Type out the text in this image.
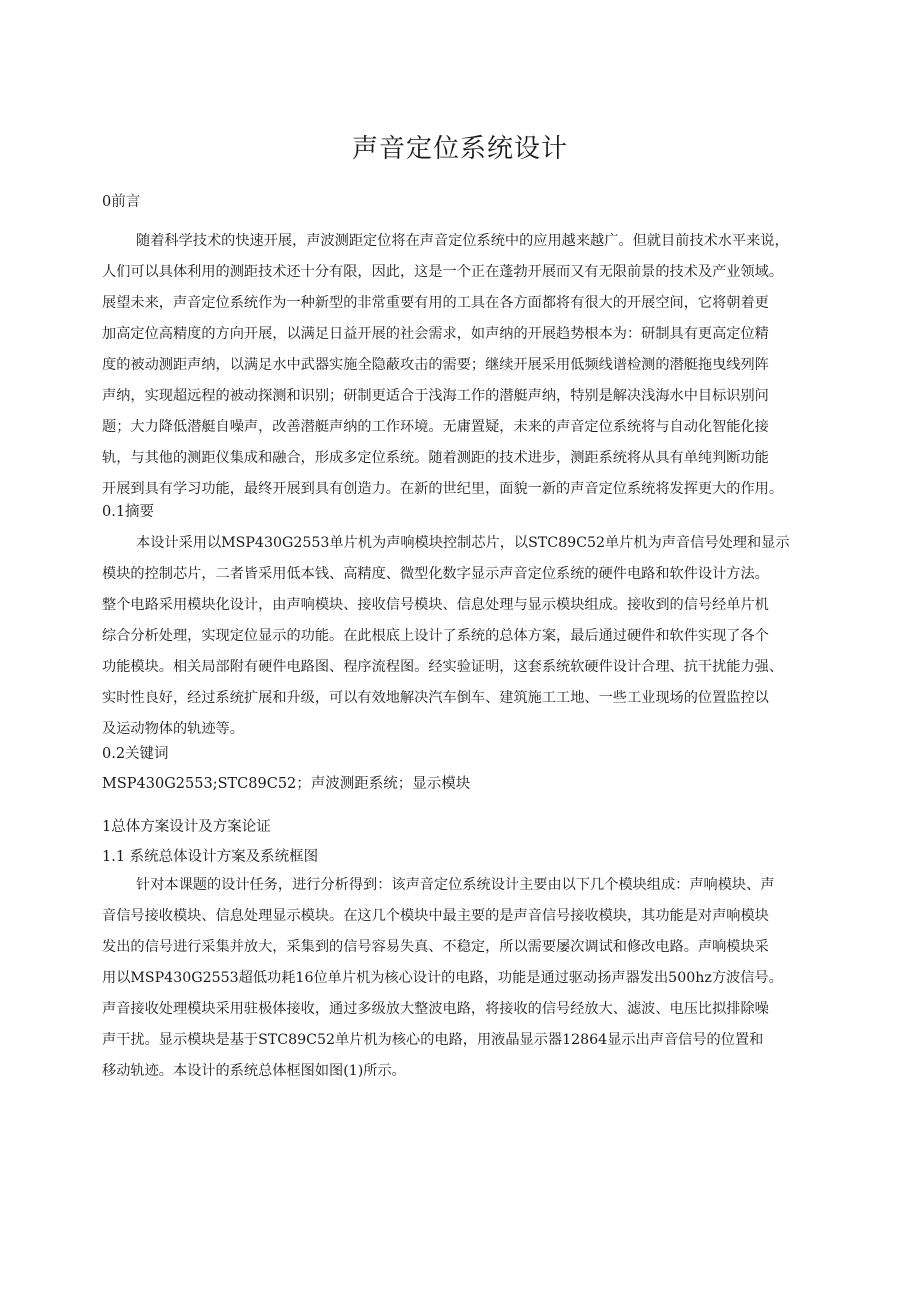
声音定位系统设计

0前言

随着科学技术的快速开展，声波测距定位将在声音定位系统中的应用越来越广。但就目前技术水平来说，
人们可以具体利用的测距技术还十分有限，因此，这是一个正在蓬勃开展而又有无限前景的技术及产业领域。
展望未来，声音定位系统作为一种新型的非常重要有用的工具在各方面都将有很大的开展空间，它将朝着更
加高定位高精度的方向开展，以满足日益开展的社会需求，如声纳的开展趋势根本为：研制具有更高定位精
度的被动测距声纳，以满足水中武器实施全隐蔽攻击的需要；继续开展采用低频线谱检测的潜艇拖曳线列阵
声纳，实现超远程的被动探测和识别；研制更适合于浅海工作的潜艇声纳，特别是解决浅海水中目标识别问
题；大力降低潜艇自噪声，改善潜艇声纳的工作环境。无庸置疑，未来的声音定位系统将与自动化智能化接
轨，与其他的测距仪集成和融合，形成多定位系统。随着测距的技术进步，测距系统将从具有单纯判断功能
开展到具有学习功能，最终开展到具有创造力。在新的世纪里，面貌一新的声音定位系统将发挥更大的作用。

0.1摘要

本设计采用以MSP430G2553单片机为声响模块控制芯片，以STC89C52单片机为声音信号处理和显示
模块的控制芯片，二者皆采用低本钱、高精度、微型化数字显示声音定位系统的硬件电路和软件设计方法。
整个电路采用模块化设计，由声响模块、接收信号模块、信息处理与显示模块组成。接收到的信号经单片机
综合分析处理，实现定位显示的功能。在此根底上设计了系统的总体方案，最后通过硬件和软件实现了各个
功能模块。相关局部附有硬件电路图、程序流程图。经实验证明，这套系统软硬件设计合理、抗干扰能力强、
实时性良好，经过系统扩展和升级，可以有效地解决汽车倒车、建筑施工工地、一些工业现场的位置监控以
及运动物体的轨迹等。

0.2关键词

MSP430G2553;STC89C52；声波测距系统；显示模块

1总体方案设计及方案论证

1.1 系统总体设计方案及系统框图

针对本课题的设计任务，进行分析得到：该声音定位系统设计主要由以下几个模块组成：声响模块、声
音信号接收模块、信息处理显示模块。在这几个模块中最主要的是声音信号接收模块，其功能是对声响模块
发出的信号进行采集并放大，采集到的信号容易失真、不稳定，所以需要屡次调试和修改电路。声响模块采
用以MSP430G2553超低功耗16位单片机为核心设计的电路，功能是通过驱动扬声器发出500hz方波信号。
声音接收处理模块采用驻极体接收，通过多级放大整波电路，将接收的信号经放大、滤波、电压比拟排除噪
声干扰。显示模块是基于STC89C52单片机为核心的电路，用液晶显示器12864显示出声音信号的位置和
移动轨迹。本设计的系统总体框图如图(1)所示。
